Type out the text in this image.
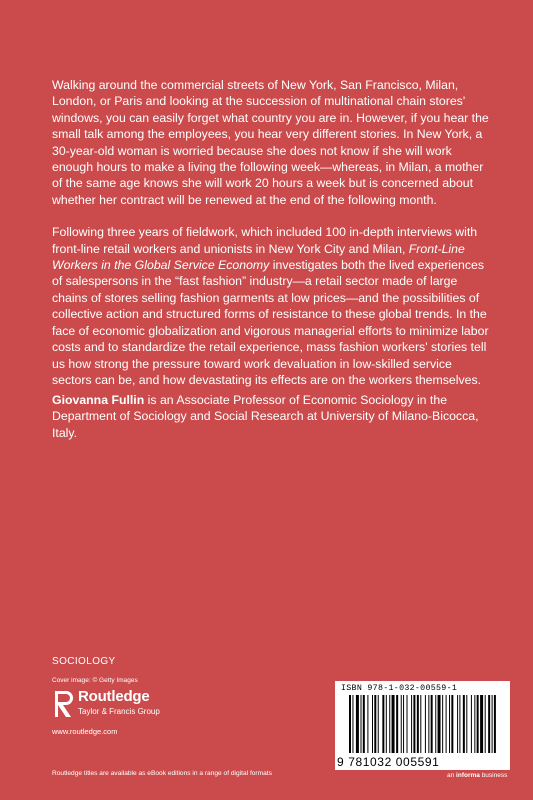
Walking around the commercial streets of New York, San Francisco, Milan, London, or Paris and looking at the succession of multinational chain stores' windows, you can easily forget what country you are in. However, if you hear the small talk among the employees, you hear very different stories. In New York, a 30-year-old woman is worried because she does not know if she will work enough hours to make a living the following week—whereas, in Milan, a mother of the same age knows she will work 20 hours a week but is concerned about whether her contract will be renewed at the end of the following month.

Following three years of fieldwork, which included 100 in-depth interviews with front-line retail workers and unionists in New York City and Milan, Front-Line Workers in the Global Service Economy investigates both the lived experiences of salespersons in the “fast fashion” industry—a retail sector made of large chains of stores selling fashion garments at low prices—and the possibilities of collective action and structured forms of resistance to these global trends. In the face of economic globalization and vigorous managerial efforts to minimize labor costs and to standardize the retail experience, mass fashion workers' stories tell us how strong the pressure toward work devaluation in low-skilled service sectors can be, and how devastating its effects are on the workers themselves.

Giovanna Fullin is an Associate Professor of Economic Sociology in the Department of Sociology and Social Research at University of Milano-Bicocca, Italy.
SOCIOLOGY
Cover image: © Getty Images
Routledge
Taylor & Francis Group
www.routledge.com
Routledge titles are available as eBook editions in a range of digital formats
ISBN 978-1-032-00559-1
9 781032 005591
an informa business
